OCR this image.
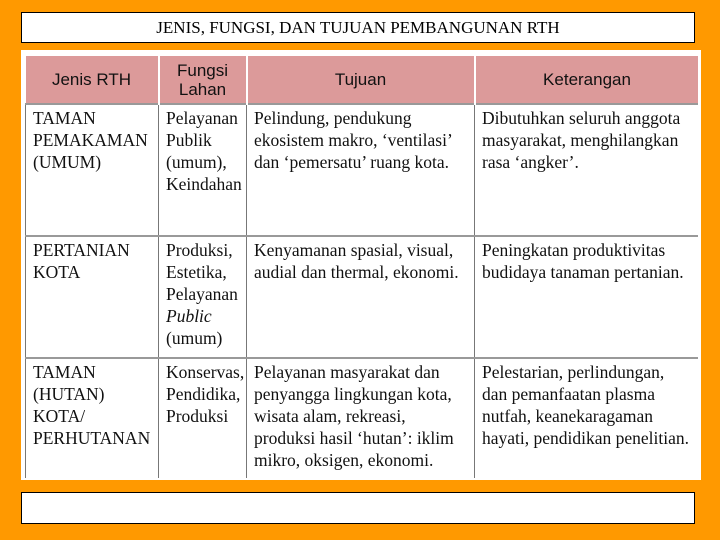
JENIS, FUNGSI, DAN TUJUAN PEMBANGUNAN RTH
Jenis RTH	Fungsi Lahan	Tujuan	Keterangan
TAMAN PEMAKAMAN (UMUM)	Pelayanan Publik (umum), Keindahan	Pelindung, pendukung ekosistem makro, ‘ventilasi’ dan ‘pemersatu’ ruang kota.	Dibutuhkan seluruh anggota masyarakat, menghilangkan rasa ‘angker’.
PERTANIAN KOTA	Produksi, Estetika, Pelayanan Public (umum)	Kenyamanan spasial, visual, audial dan thermal, ekonomi.	Peningkatan produktivitas budidaya tanaman pertanian.
TAMAN (HUTAN) KOTA/ PERHUTANAN	Konservas, Pendidika, Produksi	Pelayanan masyarakat dan penyangga lingkungan kota, wisata alam, rekreasi, produksi hasil ‘hutan’: iklim mikro, oksigen, ekonomi.	Pelestarian, perlindungan, dan pemanfaatan plasma nutfah, keanekaragaman hayati, pendidikan penelitian.
